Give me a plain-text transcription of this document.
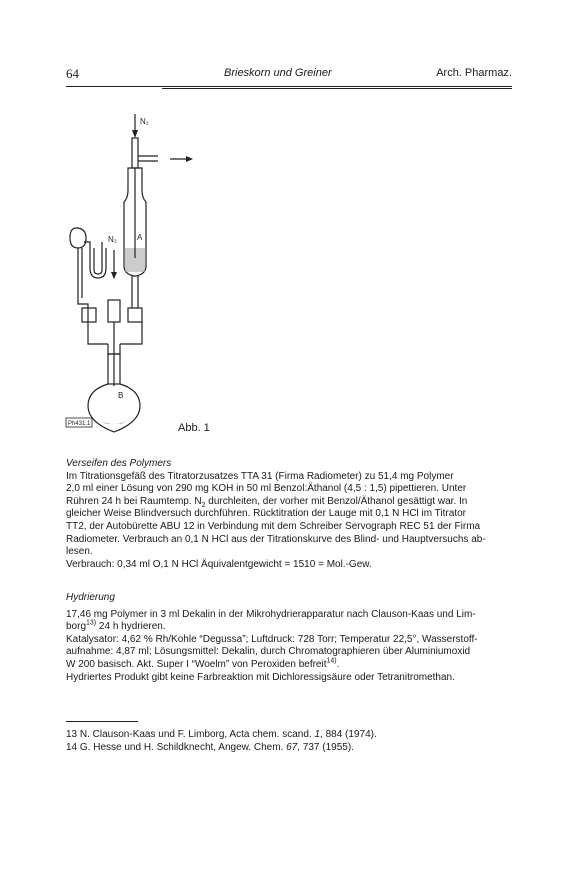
64	Brieskorn und Greiner	Arch. Pharmaz.
N₂
A
N₂
B
Ph431.1	Abb. 1

Verseifen des Polymers

Im Titrationsgefäß des Titratorzusatzes TTA 31 (Firma Radiometer) zu 51,4 mg Polymer

2,0 ml einer Lösung von 290 mg KOH in 50 ml Benzol:Äthanol (4,5 : 1,5) pipettieren. Unter

Rühren 24 h bei Raumtemp. $N_2$ durchleiten, der vorher mit Benzol/Äthanol gesättigt war. In

gleicher Weise Blindversuch durchführen. Rücktitration der Lauge mit 0,1 N HCl im Titrator

TT2, der Autobürette ABU 12 in Verbindung mit dem Schreiber Servograph REC 51 der Firma

Radiometer. Verbrauch an 0,1 N HCl aus der Titrationskurve des Blind- und Hauptversuchs ab-

lesen.

Verbrauch: 0,34 ml O,1 N HCl Äquivalentgewicht = 1510 = Mol.-Gew.

Hydrierung

17,46 mg Polymer in 3 ml Dekalin in der Mikrohydrierapparatur nach Clauson-Kaas und Lim-

borg$^{13)}$ 24 h hydrieren.

Katalysator: 4,62 % Rh/Kohle “Degussa”; Luftdruck: 728 Torr; Temperatur 22,5°, Wasserstoff-

aufnahme: 4,87 ml; Lösungsmittel: Dekalin, durch Chromatographieren über Aluminiumoxid

W 200 basisch. Akt. Super I “Woelm” von Peroxiden befreit$^{14)}$.

Hydriertes Produkt gibt keine Farbreaktion mit Dichloressigsäure oder Tetranitromethan.

13 N. Clauson-Kaas und F. Limborg, Acta chem. scand. 1, 884 (1974).

14 G. Hesse und H. Schildknecht, Angew. Chem. 67, 737 (1955).
